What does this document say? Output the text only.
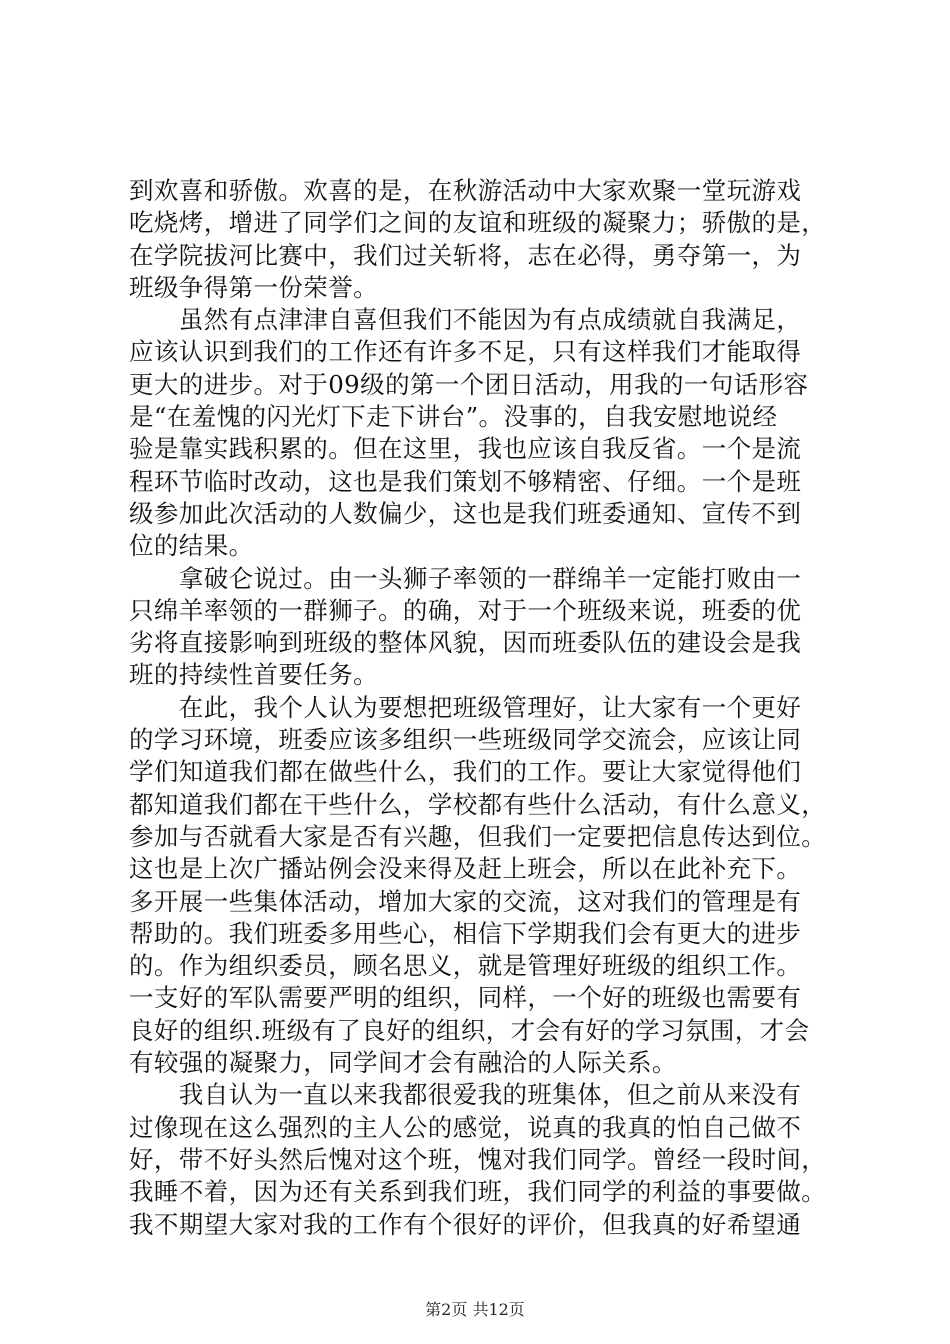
到欢喜和骄傲。欢喜的是，在秋游活动中大家欢聚一堂玩游戏
吃烧烤，增进了同学们之间的友谊和班级的凝聚力；骄傲的是，
在学院拔河比赛中，我们过关斩将，志在必得，勇夺第一，为
班级争得第一份荣誉。
　　虽然有点津津自喜但我们不能因为有点成绩就自我满足，
应该认识到我们的工作还有许多不足，只有这样我们才能取得
更大的进步。对于09级的第一个团日活动，用我的一句话形容
是“在羞愧的闪光灯下走下讲台”。没事的，自我安慰地说经
验是靠实践积累的。但在这里，我也应该自我反省。一个是流
程环节临时改动，这也是我们策划不够精密、仔细。一个是班
级参加此次活动的人数偏少，这也是我们班委通知、宣传不到
位的结果。
　　拿破仑说过。由一头狮子率领的一群绵羊一定能打败由一
只绵羊率领的一群狮子。的确，对于一个班级来说，班委的优
劣将直接影响到班级的整体风貌，因而班委队伍的建设会是我
班的持续性首要任务。
　　在此，我个人认为要想把班级管理好，让大家有一个更好
的学习环境，班委应该多组织一些班级同学交流会，应该让同
学们知道我们都在做些什么，我们的工作。要让大家觉得他们
都知道我们都在干些什么，学校都有些什么活动，有什么意义，
参加与否就看大家是否有兴趣，但我们一定要把信息传达到位。
这也是上次广播站例会没来得及赶上班会，所以在此补充下。
多开展一些集体活动，增加大家的交流，这对我们的管理是有
帮助的。我们班委多用些心，相信下学期我们会有更大的进步
的。作为组织委员，顾名思义，就是管理好班级的组织工作。
一支好的军队需要严明的组织，同样，一个好的班级也需要有
良好的组织.班级有了良好的组织，才会有好的学习氛围，才会
有较强的凝聚力，同学间才会有融洽的人际关系。
　　我自认为一直以来我都很爱我的班集体，但之前从来没有
过像现在这么强烈的主人公的感觉，说真的我真的怕自己做不
好，带不好头然后愧对这个班，愧对我们同学。曾经一段时间，
我睡不着，因为还有关系到我们班，我们同学的利益的事要做。
我不期望大家对我的工作有个很好的评价，但我真的好希望通
第2页 共12页
